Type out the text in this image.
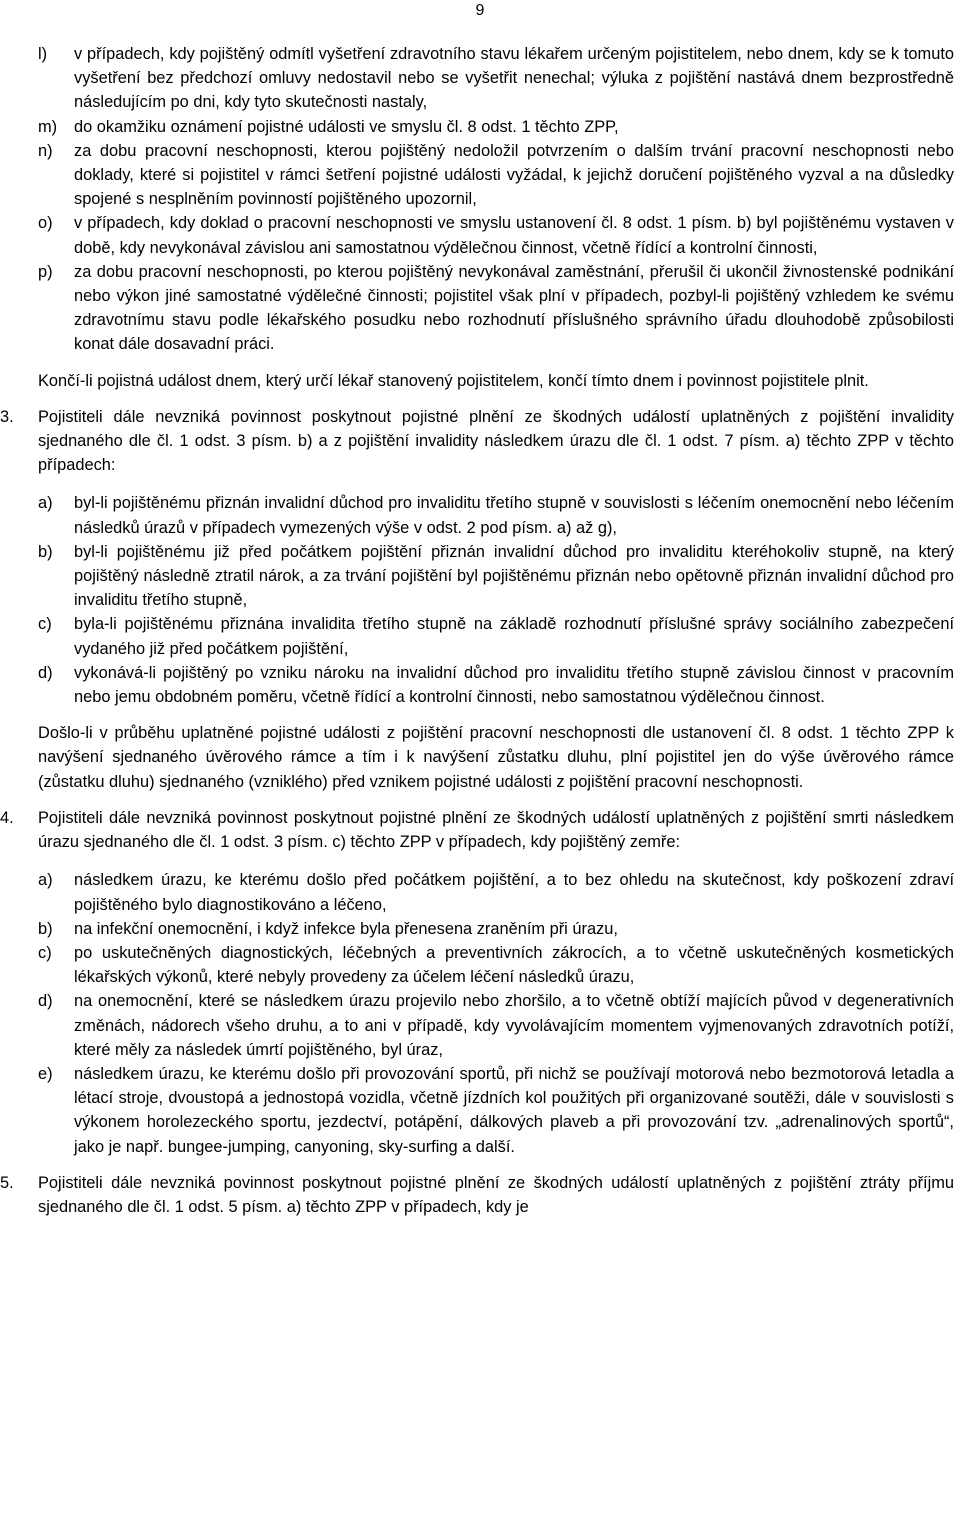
9
l) v případech, kdy pojištěný odmítl vyšetření zdravotního stavu lékařem určeným pojistitelem, nebo dnem, kdy se k tomuto vyšetření bez předchozí omluvy nedostavil nebo se vyšetřit nenechal; výluka z pojištění nastává dnem bezprostředně následujícím po dni, kdy tyto skutečnosti nastaly,
m) do okamžiku oznámení pojistné události ve smyslu čl. 8 odst. 1 těchto ZPP,
n) za dobu pracovní neschopnosti, kterou pojištěný nedoložil potvrzením o dalším trvání pracovní neschopnosti nebo doklady, které si pojistitel v rámci šetření pojistné události vyžádal, k jejichž doručení pojištěného vyzval a na důsledky spojené s nesplněním povinností pojištěného upozornil,
o) v případech, kdy doklad o pracovní neschopnosti ve smyslu ustanovení čl. 8 odst. 1 písm. b) byl pojištěnému vystaven v době, kdy nevykonával závislou ani samostatnou výdělečnou činnost, včetně řídící a kontrolní činnosti,
p) za dobu pracovní neschopnosti, po kterou pojištěný nevykonával zaměstnání, přerušil či ukončil živnostenské podnikání nebo výkon jiné samostatné výdělečné činnosti; pojistitel však plní v případech, pozbyl-li pojištěný vzhledem ke svému zdravotnímu stavu podle lékařského posudku nebo rozhodnutí příslušného správního úřadu dlouhodobě způsobilosti konat dále dosavadní práci.
Končí-li pojistná událost dnem, který určí lékař stanovený pojistitelem, končí tímto dnem i povinnost pojistitele plnit.
3. Pojistiteli dále nevzniká povinnost poskytnout pojistné plnění ze škodných událostí uplatněných z pojištění invalidity sjednaného dle čl. 1 odst. 3 písm. b) a z pojištění invalidity následkem úrazu dle čl. 1 odst. 7 písm. a) těchto ZPP v těchto případech:
a) byl-li pojištěnému přiznán invalidní důchod pro invaliditu třetího stupně v souvislosti s léčením onemocnění nebo léčením následků úrazů v případech vymezených výše v odst. 2 pod písm. a) až g),
b) byl-li pojištěnému již před počátkem pojištění přiznán invalidní důchod pro invaliditu kteréhokoliv stupně, na který pojištěný následně ztratil nárok, a za trvání pojištění byl pojištěnému přiznán nebo opětovně přiznán invalidní důchod pro invaliditu třetího stupně,
c) byla-li pojištěnému přiznána invalidita třetího stupně na základě rozhodnutí příslušné správy sociálního zabezpečení vydaného již před počátkem pojištění,
d) vykonává-li pojištěný po vzniku nároku na invalidní důchod pro invaliditu třetího stupně závislou činnost v pracovním nebo jemu obdobném poměru, včetně řídící a kontrolní činnosti, nebo samostatnou výdělečnou činnost.
Došlo-li v průběhu uplatněné pojistné události z pojištění pracovní neschopnosti dle ustanovení čl. 8 odst. 1 těchto ZPP k navýšení sjednaného úvěrového rámce a tím i k navýšení zůstatku dluhu, plní pojistitel jen do výše úvěrového rámce (zůstatku dluhu) sjednaného (vzniklého) před vznikem pojistné události z pojištění pracovní neschopnosti.
4. Pojistiteli dále nevzniká povinnost poskytnout pojistné plnění ze škodných událostí uplatněných z pojištění smrti následkem úrazu sjednaného dle čl. 1 odst. 3 písm. c) těchto ZPP v případech, kdy pojištěný zemře:
a) následkem úrazu, ke kterému došlo před počátkem pojištění, a to bez ohledu na skutečnost, kdy poškození zdraví pojištěného bylo diagnostikováno a léčeno,
b) na infekční onemocnění, i když infekce byla přenesena zraněním při úrazu,
c) po uskutečněných diagnostických, léčebných a preventivních zákrocích, a to včetně uskutečněných kosmetických lékařských výkonů, které nebyly provedeny za účelem léčení následků úrazu,
d) na onemocnění, které se následkem úrazu projevilo nebo zhoršilo, a to včetně obtíží majících původ v degenerativních změnách, nádorech všeho druhu, a to ani v případě, kdy vyvolávajícím momentem vyjmenovaných zdravotních potíží, které měly za následek úmrtí pojištěného, byl úraz,
e) následkem úrazu, ke kterému došlo při provozování sportů, při nichž se používají motorová nebo bezmotorová letadla a létací stroje, dvoustopá a jednostopá vozidla, včetně jízdních kol použitých při organizované soutěži, dále v souvislosti s výkonem horolezeckého sportu, jezdectví, potápění, dálkových plaveb a při provozování tzv. „adrenalinových sportů“, jako je např. bungee-jumping, canyoning, sky-surfing a další.
5. Pojistiteli dále nevzniká povinnost poskytnout pojistné plnění ze škodných událostí uplatněných z pojištění ztráty příjmu sjednaného dle čl. 1 odst. 5 písm. a) těchto ZPP v případech, kdy je
